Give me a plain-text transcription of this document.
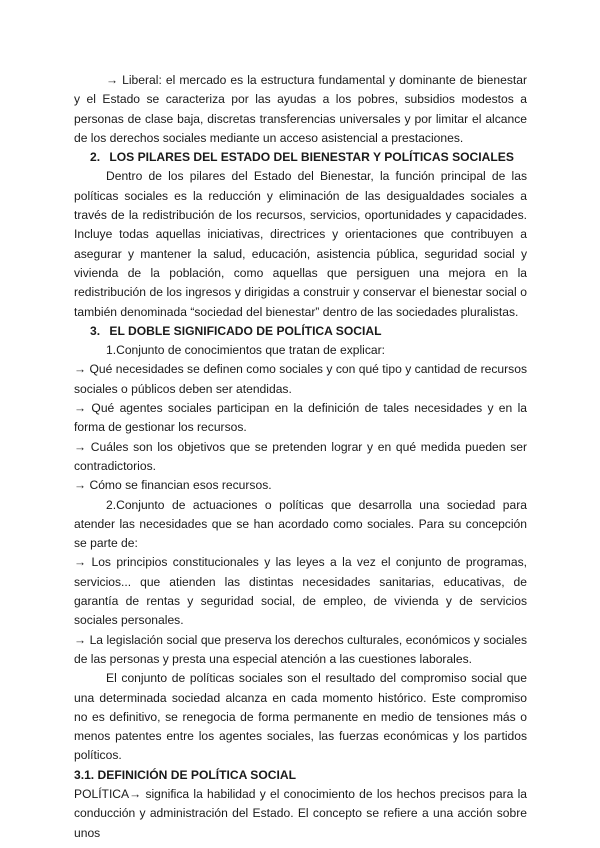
→ Liberal: el mercado es la estructura fundamental y dominante de bienestar y el Estado se caracteriza por las ayudas a los pobres, subsidios modestos a personas de clase baja, discretas transferencias universales y por limitar el alcance de los derechos sociales mediante un acceso asistencial a prestaciones.

2. LOS PILARES DEL ESTADO DEL BIENESTAR Y POLÍTICAS SOCIALES

Dentro de los pilares del Estado del Bienestar, la función principal de las políticas sociales es la reducción y eliminación de las desigualdades sociales a través de la redistribución de los recursos, servicios, oportunidades y capacidades. Incluye todas aquellas iniciativas, directrices y orientaciones que contribuyen a asegurar y mantener la salud, educación, asistencia pública, seguridad social y vivienda de la población, como aquellas que persiguen una mejora en la redistribución de los ingresos y dirigidas a construir y conservar el bienestar social o también denominada “sociedad del bienestar” dentro de las sociedades pluralistas.

3. EL DOBLE SIGNIFICADO DE POLÍTICA SOCIAL

1.Conjunto de conocimientos que tratan de explicar:

→ Qué necesidades se definen como sociales y con qué tipo y cantidad de recursos sociales o públicos deben ser atendidas.

→ Qué agentes sociales participan en la definición de tales necesidades y en la forma de gestionar los recursos.

→ Cuáles son los objetivos que se pretenden lograr y en qué medida pueden ser contradictorios.

→ Cómo se financian esos recursos.

2.Conjunto de actuaciones o políticas que desarrolla una sociedad para atender las necesidades que se han acordado como sociales. Para su concepción se parte de:

→ Los principios constitucionales y las leyes a la vez el conjunto de programas, servicios... que atienden las distintas necesidades sanitarias, educativas, de garantía de rentas y seguridad social, de empleo, de vivienda y de servicios sociales personales.

→ La legislación social que preserva los derechos culturales, económicos y sociales de las personas y presta una especial atención a las cuestiones laborales.

El conjunto de políticas sociales son el resultado del compromiso social que una determinada sociedad alcanza en cada momento histórico. Este compromiso no es definitivo, se renegocia de forma permanente en medio de tensiones más o menos patentes entre los agentes sociales, las fuerzas económicas y los partidos políticos.

3.1. DEFINICIÓN DE POLÍTICA SOCIAL

POLÍTICA→ significa la habilidad y el conocimiento de los hechos precisos para la conducción y administración del Estado. El concepto se refiere a una acción sobre unos
